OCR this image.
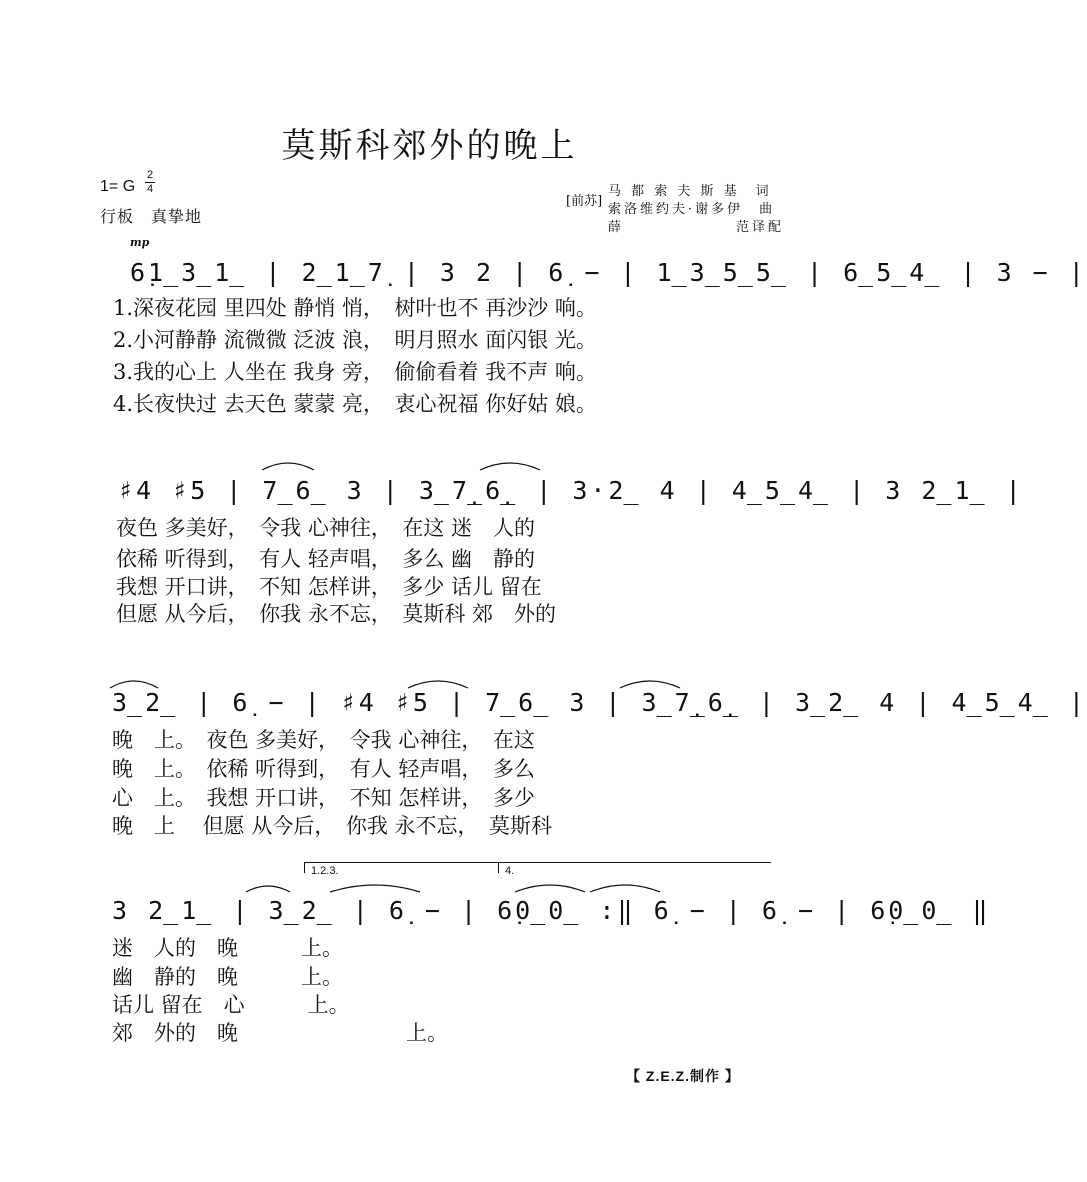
莫斯科郊外的晚上
1= G
2
4
行板　真挚地
[前苏]
马 都 索 夫 斯 基　词
索洛维约夫·谢多伊　曲
薛　　　　　　　范译配
mp
6̣1̲3̲1̲ | 2̲1̲7̣ | 3 2 | 6̣ − | 1̲3̲5̲5̲ | 6̲5̲4̲ | 3 − |
1.深夜花园 里四处 静悄 悄，　树叶也不 再沙沙 响。
2.小河静静 流微微 泛波 浪，　明月照水 面闪银 光。
3.我的心上 人坐在 我身 旁，　偷偷看着 我不声 响。
4.长夜快过 去天色 蒙蒙 亮，　衷心祝福 你好姑 娘。
♯4 ♯5 | 7̲6̲ 3 | 3̲7̣̲6̣̲ | 3·2̲ 4 | 4̲5̲4̲ | 3 2̲1̲ |
夜色 多美好，　令我 心神往，　在这 迷　人的
依稀 听得到，　有人 轻声唱，　多么 幽　静的
我想 开口讲，　不知 怎样讲，　多少 话儿 留在
但愿 从今后，　你我 永不忘，　莫斯科 郊　外的
3̲2̲ | 6̣ − | ♯4 ♯5 | 7̲6̲ 3 | 3̲7̣̲6̣̲ | 3̲2̲ 4 | 4̲5̲4̲ |
晚　上。　夜色 多美好，　令我 心神往，　在这
晚　上。　依稀 听得到，　有人 轻声唱，　多么
心　上。　我想 开口讲，　不知 怎样讲，　多少
晚　上　 但愿 从今后，　你我 永不忘，　莫斯科
1.2.3.	4.
3 2̲1̲ | 3̲2̲ | 6̣ − | 6̣0̲0̲ :‖ 6̣ − | 6̣ − | 6̣0̲0̲ ‖
迷　人的　晚　　　上。
幽　静的　晚　　　上。
话儿 留在　心　　　上。
郊　外的　晚　　　　　　　　上。
【 Z.E.Z.制作 】
